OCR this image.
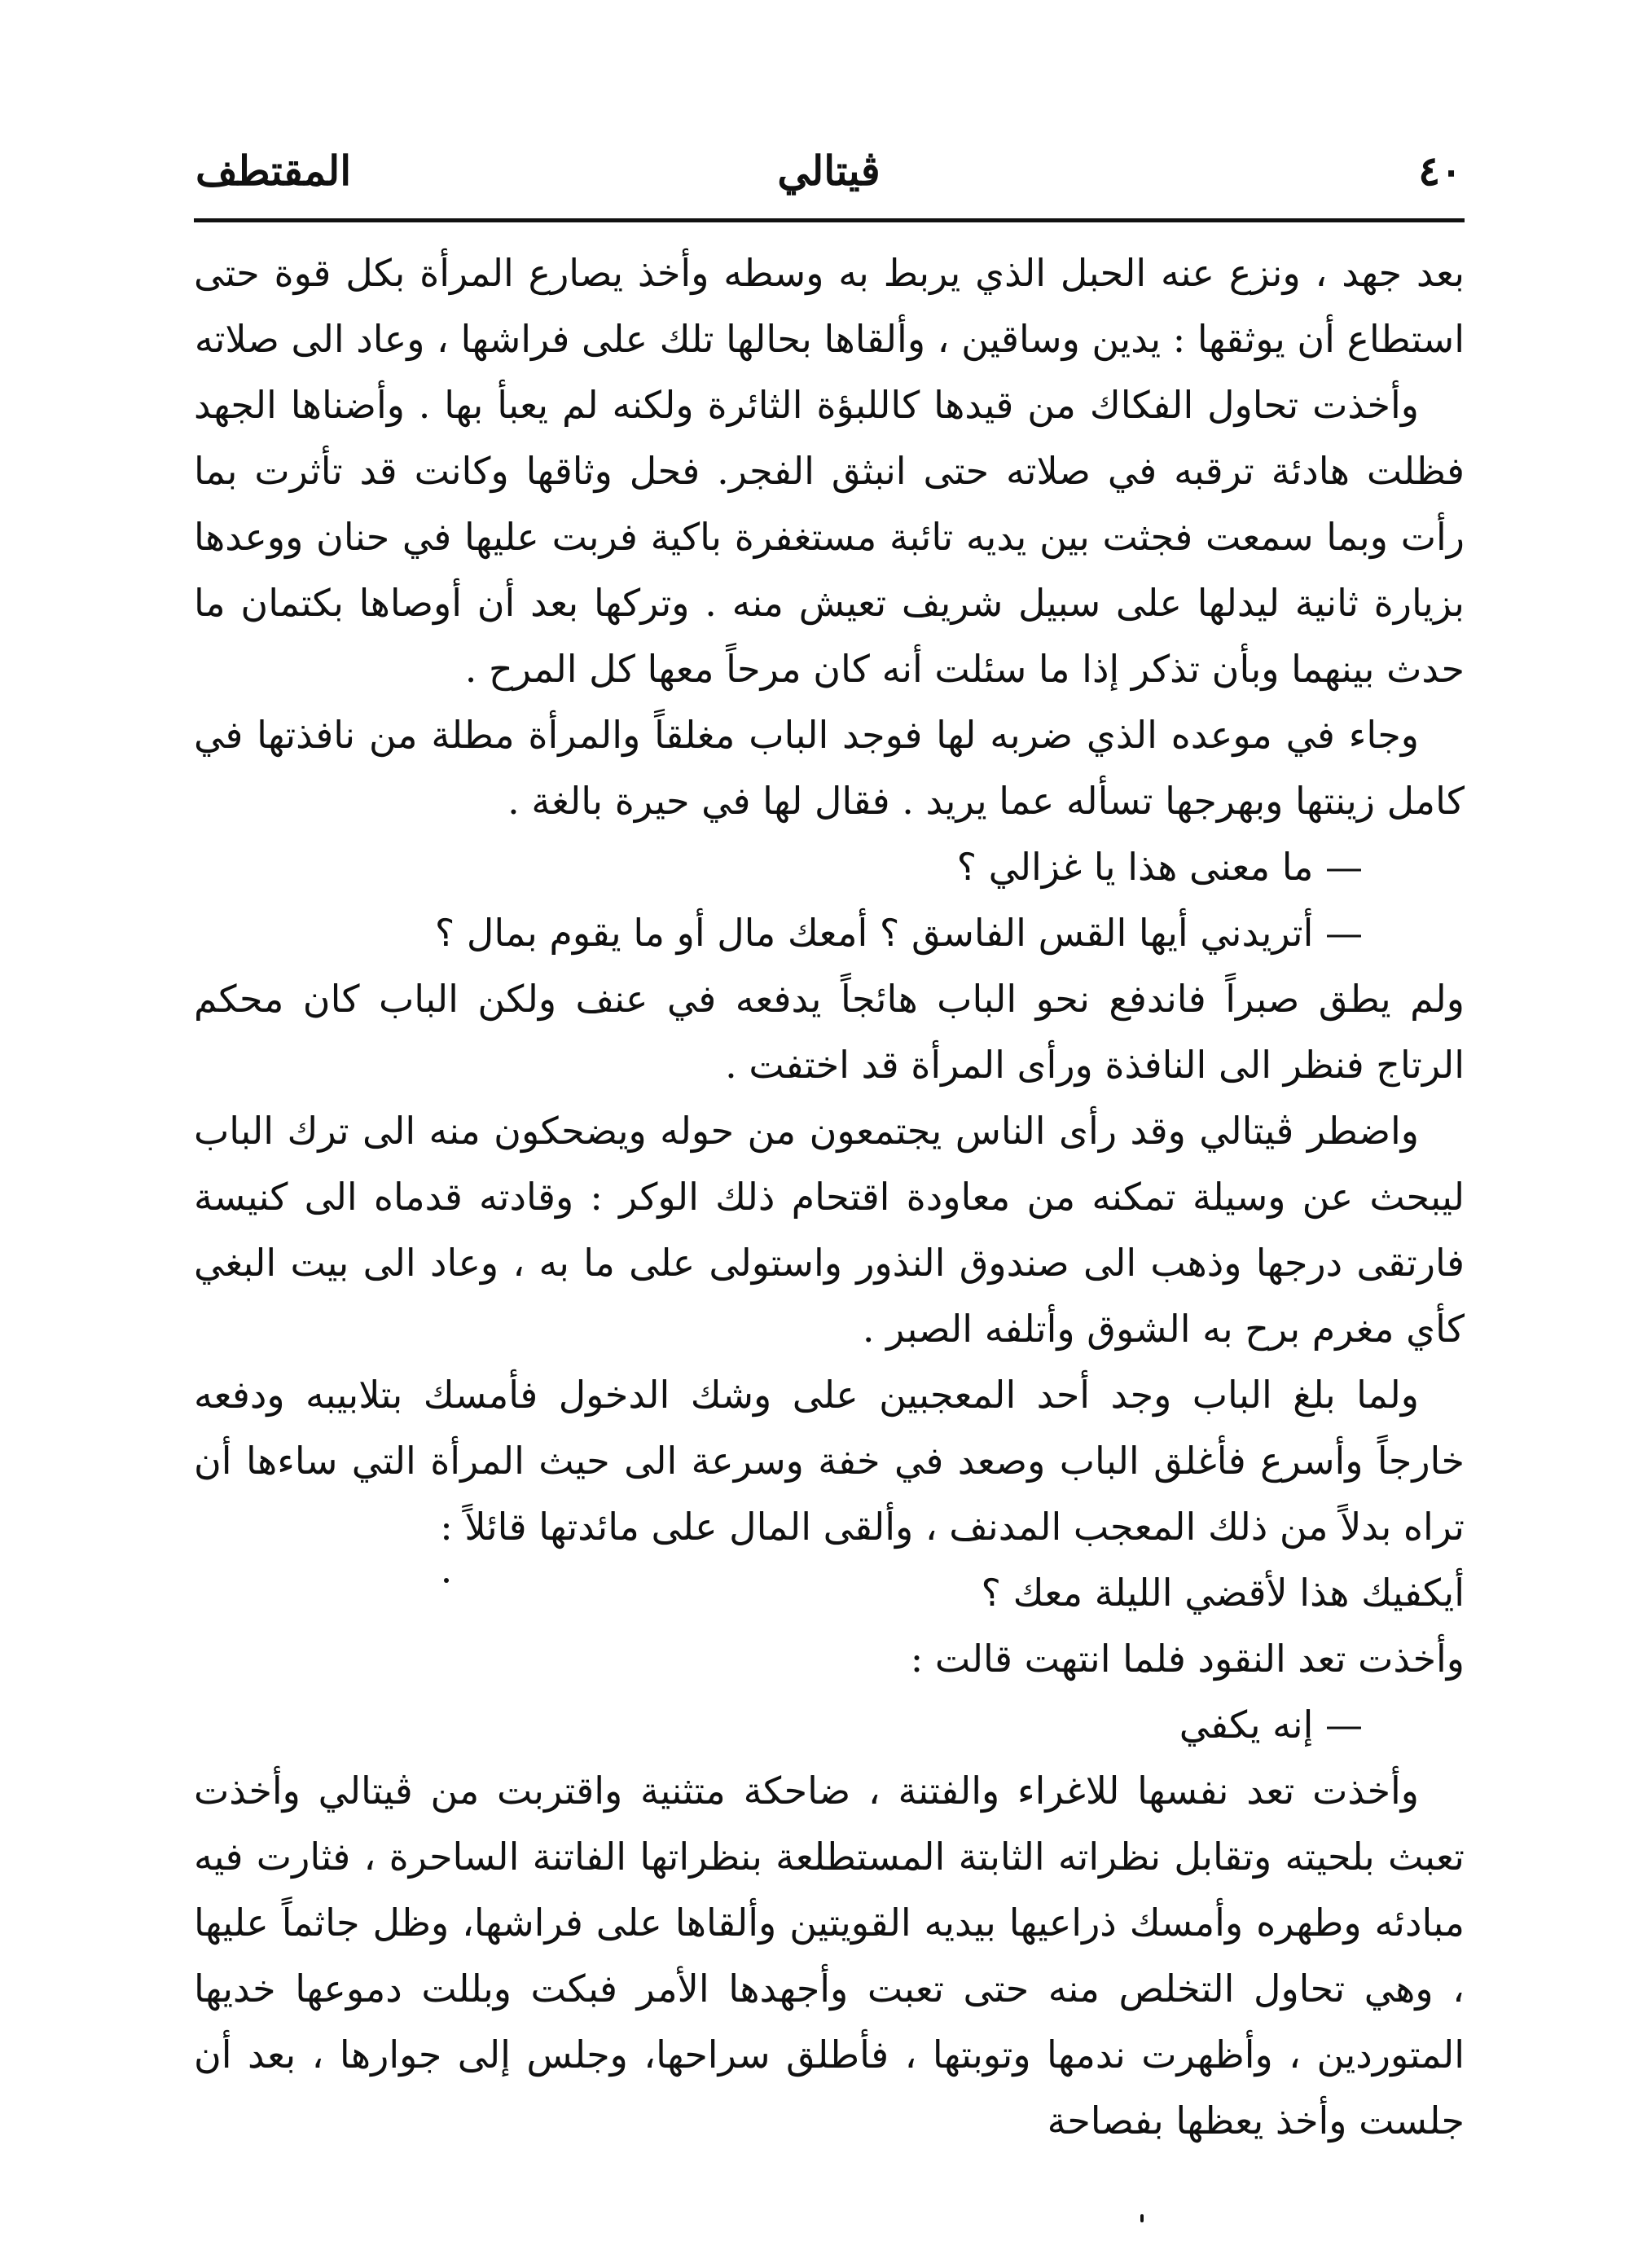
٤٠
ڤيتالي
المقتطف

بعد جهد ، ونزع عنه الحبل الذي يربط به وسطه وأخذ يصارع المرأة بكل قوة حتى استطاع أن يوثقها : يدين وساقين ، وألقاها بحالها تلك على فراشها ، وعاد الى صلاته

وأخذت تحاول الفكاك من قيدها كاللبؤة الثائرة ولكنه لم يعبأ بها . وأضناها الجهد فظلت هادئة ترقبه في صلاته حتى انبثق الفجر. فحل وثاقها وكانت قد تأثرت بما رأت وبما سمعت فجثت بين يديه تائبة مستغفرة باكية فربت عليها في حنان ووعدها بزيارة ثانية ليدلها على سبيل شريف تعيش منه . وتركها بعد أن أوصاها بكتمان ما حدث بينهما وبأن تذكر إذا ما سئلت أنه كان مرحاً معها كل المرح .

وجاء في موعده الذي ضربه لها فوجد الباب مغلقاً والمرأة مطلة من نافذتها في كامل زينتها وبهرجها تسأله عما يريد . فقال لها في حيرة بالغة .

— ما معنى هذا يا غزالي ؟

— أتريدني أيها القس الفاسق ؟ أمعك مال أو ما يقوم بمال ؟

ولم يطق صبراً فاندفع نحو الباب هائجاً يدفعه في عنف ولكن الباب كان محكم الرتاج فنظر الى النافذة ورأى المرأة قد اختفت .

واضطر ڤيتالي وقد رأى الناس يجتمعون من حوله ويضحكون منه الى ترك الباب ليبحث عن وسيلة تمكنه من معاودة اقتحام ذلك الوكر : وقادته قدماه الى كنيسة فارتقى درجها وذهب الى صندوق النذور واستولى على ما به ، وعاد الى بيت البغي كأي مغرم برح به الشوق وأتلفه الصبر .

ولما بلغ الباب وجد أحد المعجبين على وشك الدخول فأمسك بتلابيبه ودفعه خارجاً وأسرع فأغلق الباب وصعد في خفة وسرعة الى حيث المرأة التي ساءها أن تراه بدلاً من ذلك المعجب المدنف ، وألقى المال على مائدتها قائلاً :

أيكفيك هذا لأقضي الليلة معك ؟

وأخذت تعد النقود فلما انتهت قالت :

— إنه يكفي

وأخذت تعد نفسها للاغراء والفتنة ، ضاحكة متثنية واقتربت من ڤيتالي وأخذت تعبث بلحيته وتقابل نظراته الثابتة المستطلعة بنظراتها الفاتنة الساحرة ، فثارت فيه مبادئه وطهره وأمسك ذراعيها بيديه القويتين وألقاها على فراشها، وظل جاثماً عليها ، وهي تحاول التخلص منه حتى تعبت وأجهدها الأمر فبكت وبللت دموعها خديها المتوردين ، وأظهرت ندمها وتوبتها ، فأطلق سراحها، وجلس إلى جوارها ، بعد أن جلست وأخذ يعظها بفصاحة
